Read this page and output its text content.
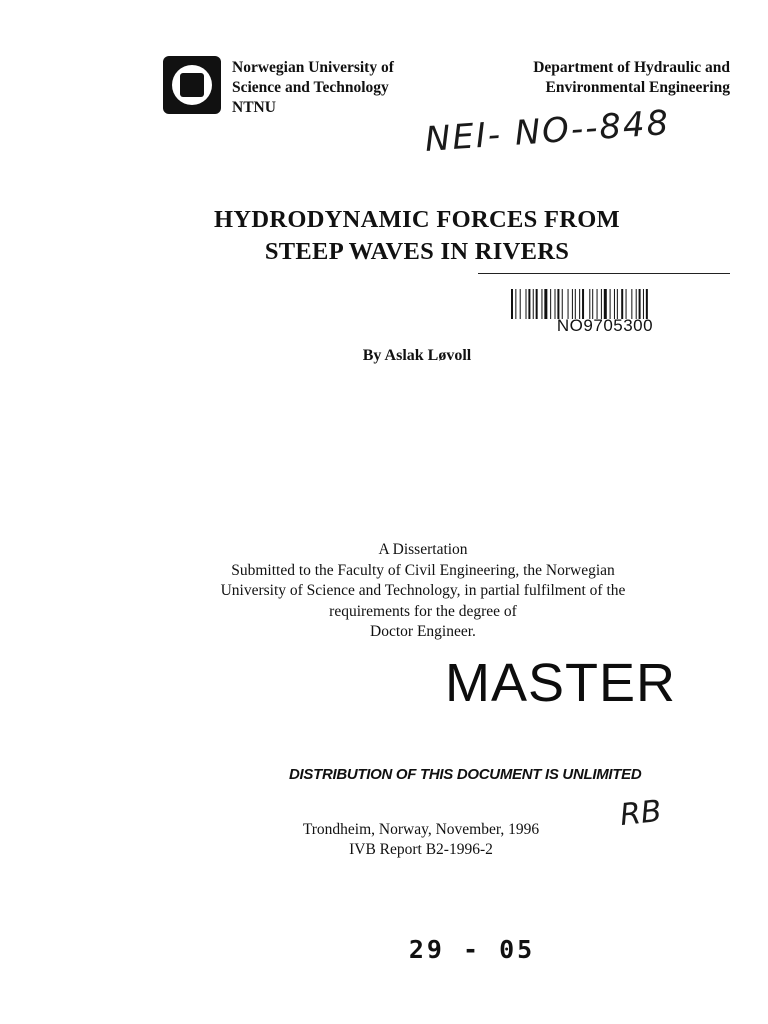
Norwegian University of
Science and Technology
NTNU
Department of Hydraulic and
Environmental Engineering
NEI- NO--848
HYDRODYNAMIC FORCES FROM
STEEP WAVES IN RIVERS
NO9705300
By Aslak Løvoll
A Dissertation
Submitted to the Faculty of Civil Engineering, the Norwegian
University of Science and Technology, in partial fulfilment of the
requirements for the degree of
Doctor Engineer.
MASTER
DISTRIBUTION OF THIS DOCUMENT IS UNLIMITED
RB
Trondheim, Norway, November, 1996
IVB Report B2-1996-2
29 - 05
